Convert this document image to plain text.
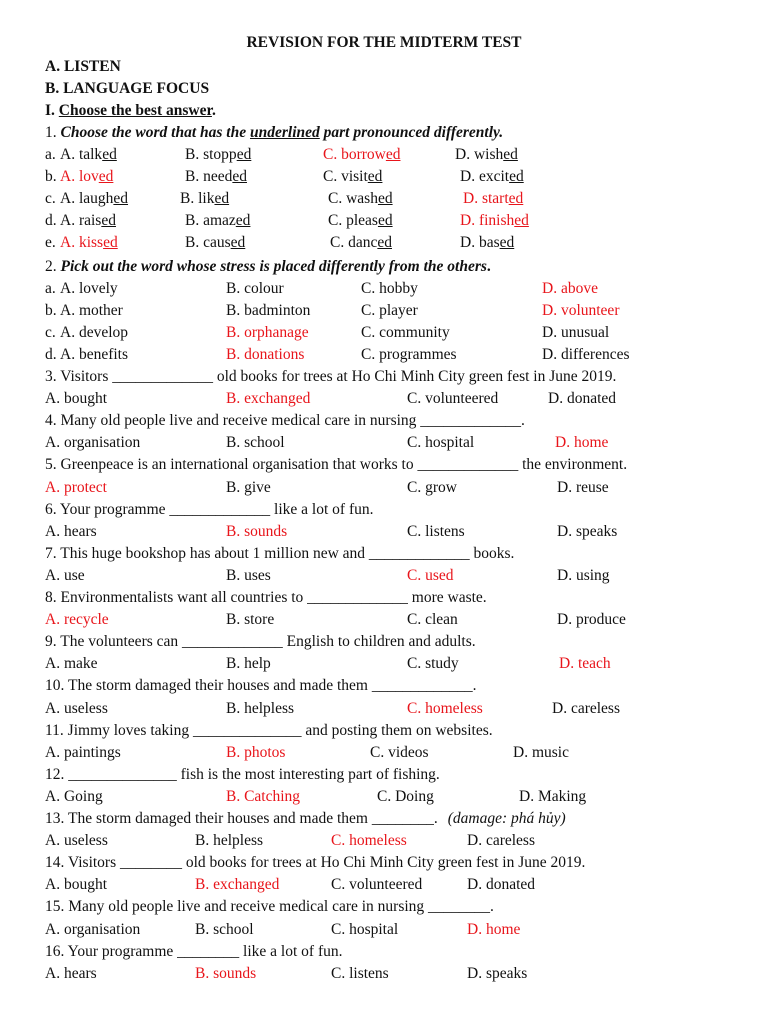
REVISION FOR THE MIDTERM TEST
A. LISTEN
B. LANGUAGE FOCUS
I. Choose the best answer.
1. Choose the word that has the underlined part pronounced differently.
a. A. talked	B. stopped	C. borrowed	D. wished
b. A. loved	B. needed	C. visited	D. excited
c. A. laughed	B. liked	C. washed	D. started
d. A. raised	B. amazed	C. pleased	D. finished
e. A. kissed	B. caused	C. danced	D. based
2. Pick out the word whose stress is placed differently from the others.
a. A. lovely	B. colour	C. hobby	D. above
b. A. mother	B. badminton	C. player	D. volunteer
c. A. develop	B. orphanage	C. community	D. unusual
d. A. benefits	B. donations	C. programmes	D. differences
3. Visitors _____________ old books for trees at Ho Chi Minh City green fest in June 2019.
A. bought	B. exchanged	C. volunteered	D. donated
4. Many old people live and receive medical care in nursing _____________.
A. organisation	B. school	C. hospital	D. home
5. Greenpeace is an international organisation that works to _____________ the environment.
A. protect	B. give	C. grow	D. reuse
6. Your programme _____________ like a lot of fun.
A. hears	B. sounds	C. listens	D. speaks
7. This huge bookshop has about 1 million new and _____________ books.
A. use	B. uses	C. used	D. using
8. Environmentalists want all countries to _____________ more waste.
A. recycle	B. store	C. clean	D. produce
9. The volunteers can _____________ English to children and adults.
A. make	B. help	C. study	D. teach
10. The storm damaged their houses and made them _____________.
A. useless	B. helpless	C. homeless	D. careless
11. Jimmy loves taking ______________ and posting them on websites.
A. paintings	B. photos	C. videos	D. music
12. ______________ fish is the most interesting part of fishing.
A. Going	B. Catching	C. Doing	D. Making
13. The storm damaged their houses and made them ________. (damage: phá hủy)
A. useless	B. helpless	C. homeless	D. careless
14. Visitors ________ old books for trees at Ho Chi Minh City green fest in June 2019.
A. bought	B. exchanged	C. volunteered	D. donated
15. Many old people live and receive medical care in nursing ________.
A. organisation	B. school	C. hospital	D. home
16. Your programme ________ like a lot of fun.
A. hears	B. sounds	C. listens	D. speaks
